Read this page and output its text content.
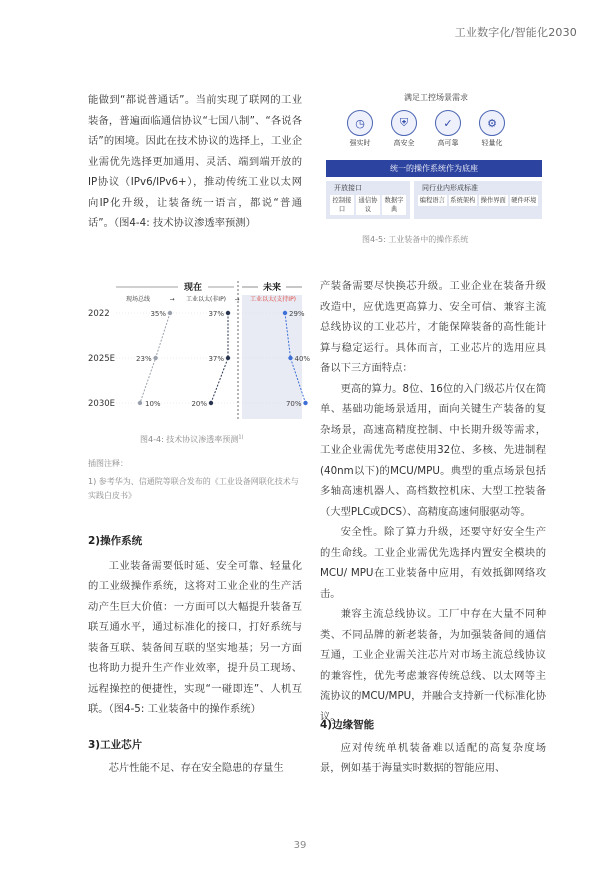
工业数字化/智能化2030

能做到“都说普通话”。当前实现了联网的工业装备，普遍面临通信协议“七国八制”、“各说各话”的困境。因此在技术协议的选择上，工业企业需优先选择更加通用、灵活、端到端开放的IP协议（IPv6/IPv6+），推动传统工业以太网向IP化升级，让装备统一语言，都说“普通话”。（图4-4: 技术协议渗透率预测）

现在	未来
现场总线	→ 工业以太(非IP) → 工业以太(支持IP)
2022
2025E
2030E
35%
23%
10%
37%
37%
20%
29%
40%
70%
图4-4: 技术协议渗透率预测$^{1)}$
插图注释：
1) 参考华为、信通院等联合发布的《工业设备网联化技术与实践白皮书》

2)操作系统

工业装备需要低时延、安全可靠、轻量化的工业级操作系统，这将对工业企业的生产活动产生巨大价值：一方面可以大幅提升装备互联互通水平，通过标准化的接口，打好系统与装备互联、装备间互联的坚实地基；另一方面也将助力提升生产作业效率，提升员工现场、远程操控的便捷性，实现“一碰即连”、人机互联。（图4-5: 工业装备中的操作系统）

3)工业芯片

芯片性能不足、存在安全隐患的存量生

满足工控场景需求
◷
强实时
⛨
高安全
✓
高可靠
⚙
轻量化
统一的操作系统作为底座
开放接口
控制接口
通信协议
数据字典
同行业内形成标准
编程语言 系统架构 操作界面 硬件环境
图4-5: 工业装备中的操作系统

产装备需要尽快换芯升级。工业企业在装备升级改造中，应优选更高算力、安全可信、兼容主流总线协议的工业芯片，才能保障装备的高性能计算与稳定运行。具体而言，工业芯片的选用应具备以下三方面特点：

更高的算力。8位、16位的入门级芯片仅在简单、基础功能场景适用，面向关键生产装备的复杂场景，高速高精度控制、中长期升级等需求，工业企业需优先考虑使用32位、多核、先进制程(40nm以下)的MCU/MPU。典型的重点场景包括多轴高速机器人、高档数控机床、大型工控装备（大型PLC或DCS）、高精度高速伺服驱动等。

安全性。除了算力升级，还要守好安全生产的生命线。工业企业需优先选择内置安全模块的MCU/ MPU在工业装备中应用，有效抵御网络攻击。

兼容主流总线协议。工厂中存在大量不同种类、不同品牌的新老装备，为加强装备间的通信互通，工业企业需关注芯片对市场主流总线协议的兼容性，优先考虑兼容传统总线、以太网等主流协议的MCU/MPU，并融合支持新一代标准化协议。

4)边缘智能

应对传统单机装备难以适配的高复杂度场景，例如基于海量实时数据的智能应用、

39
